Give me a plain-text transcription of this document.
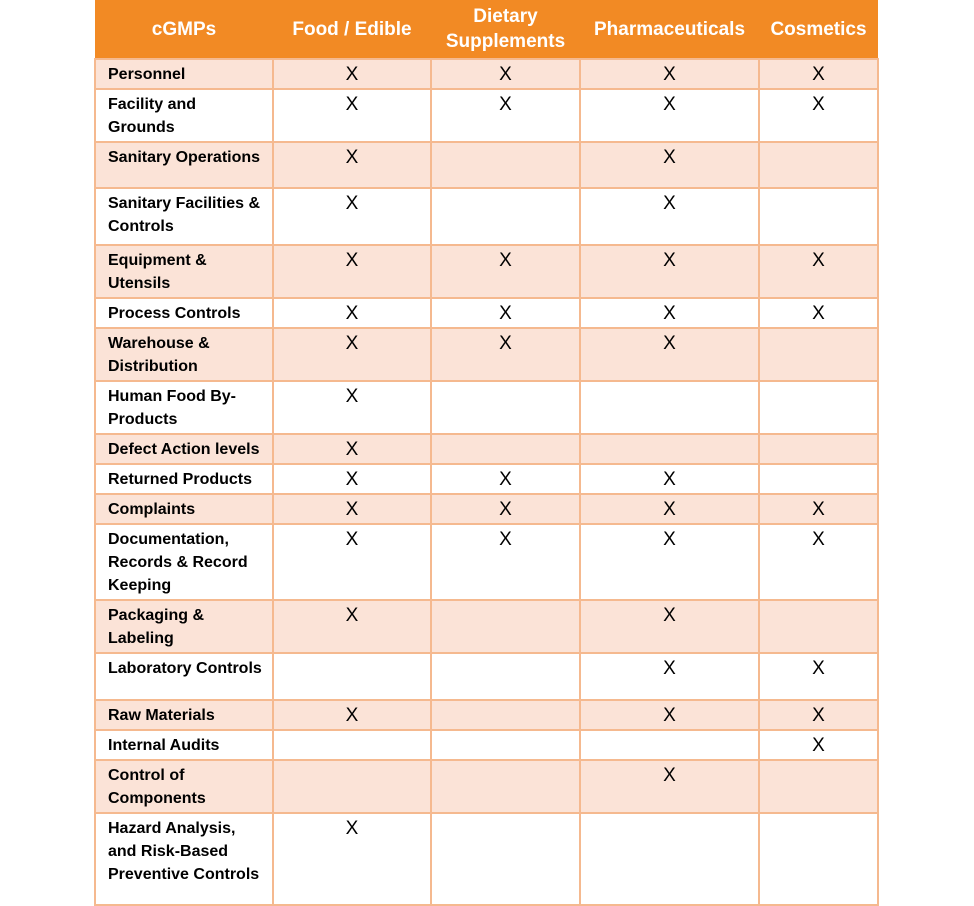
cGMPs	Food / Edible	Dietary Supplements	Pharmaceuticals	Cosmetics
Personnel	X	X	X	X
Facility and Grounds	X	X	X	X
Sanitary Operations	X		X	
Sanitary Facilities & Controls	X		X	
Equipment & Utensils	X	X	X	X
Process Controls	X	X	X	X
Warehouse & Distribution	X	X	X	
Human Food By-Products	X			
Defect Action levels	X			
Returned Products	X	X	X	
Complaints	X	X	X	X
Documentation, Records & Record Keeping	X	X	X	X
Packaging & Labeling	X		X	
Laboratory Controls			X	X
Raw Materials	X		X	X
Internal Audits				X
Control of Components			X	
Hazard Analysis, and Risk-Based Preventive Controls	X			
